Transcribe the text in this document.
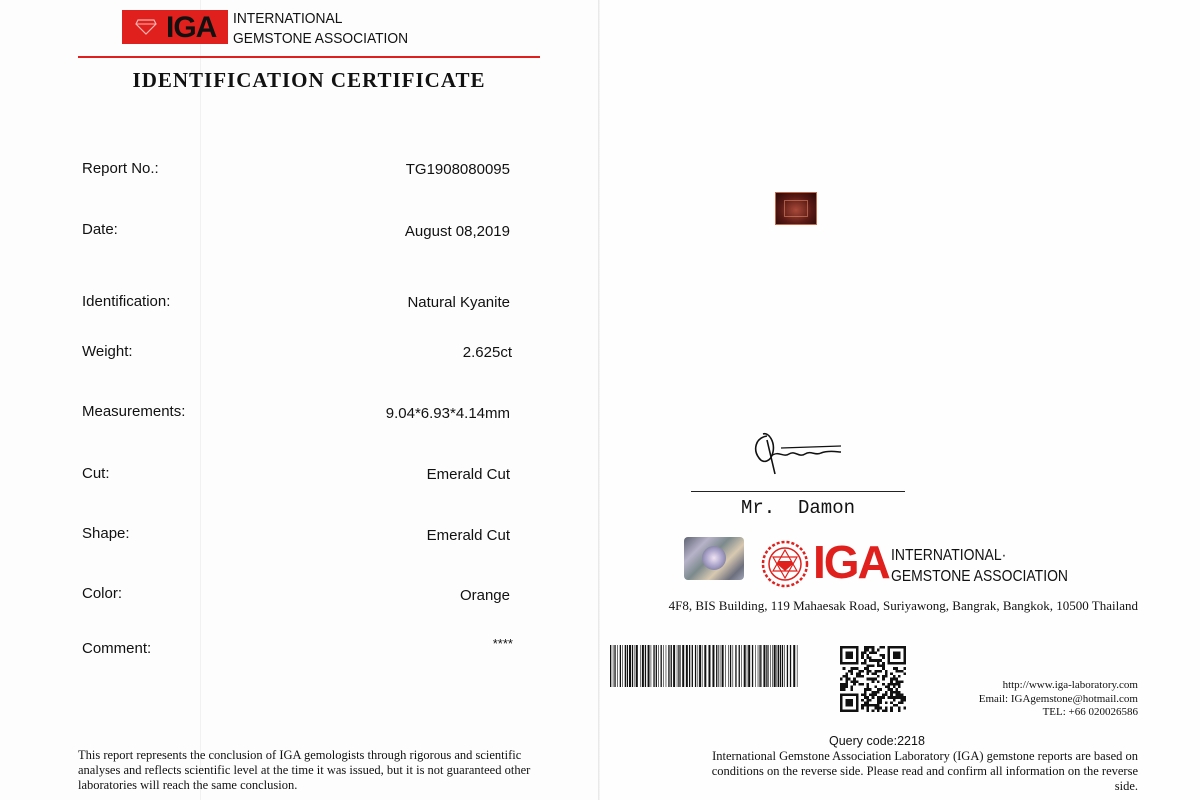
IGA INTERNATIONAL
GEMSTONE ASSOCIATION
IDENTIFICATION CERTIFICATE
Report No.:	TG1908080095
Date:	August 08,2019
Identification:	Natural Kyanite
Weight:	2.625ct
Measurements:	9.04*6.93*4.14mm
Cut:	Emerald Cut
Shape:	Emerald Cut
Color:	Orange
Comment:	****
This report represents the conclusion of IGA gemologists through rigorous and scientific analyses and reflects scientific level at the time it was issued, but it is not guaranteed other laboratories will reach the same conclusion.
Mr.  Damon
IGA INTERNATIONAL·
GEMSTONE ASSOCIATION
4F8, BIS Building, 119 Mahaesak Road, Suriyawong, Bangrak, Bangkok, 10500 Thailand
http://www.iga-laboratory.com
Email: IGAgemstone@hotmail.com
TEL: +66 020026586
Query code:2218
International Gemstone Association Laboratory (IGA) gemstone reports are based on conditions on the reverse side. Please read and confirm all information on the reverse side.
